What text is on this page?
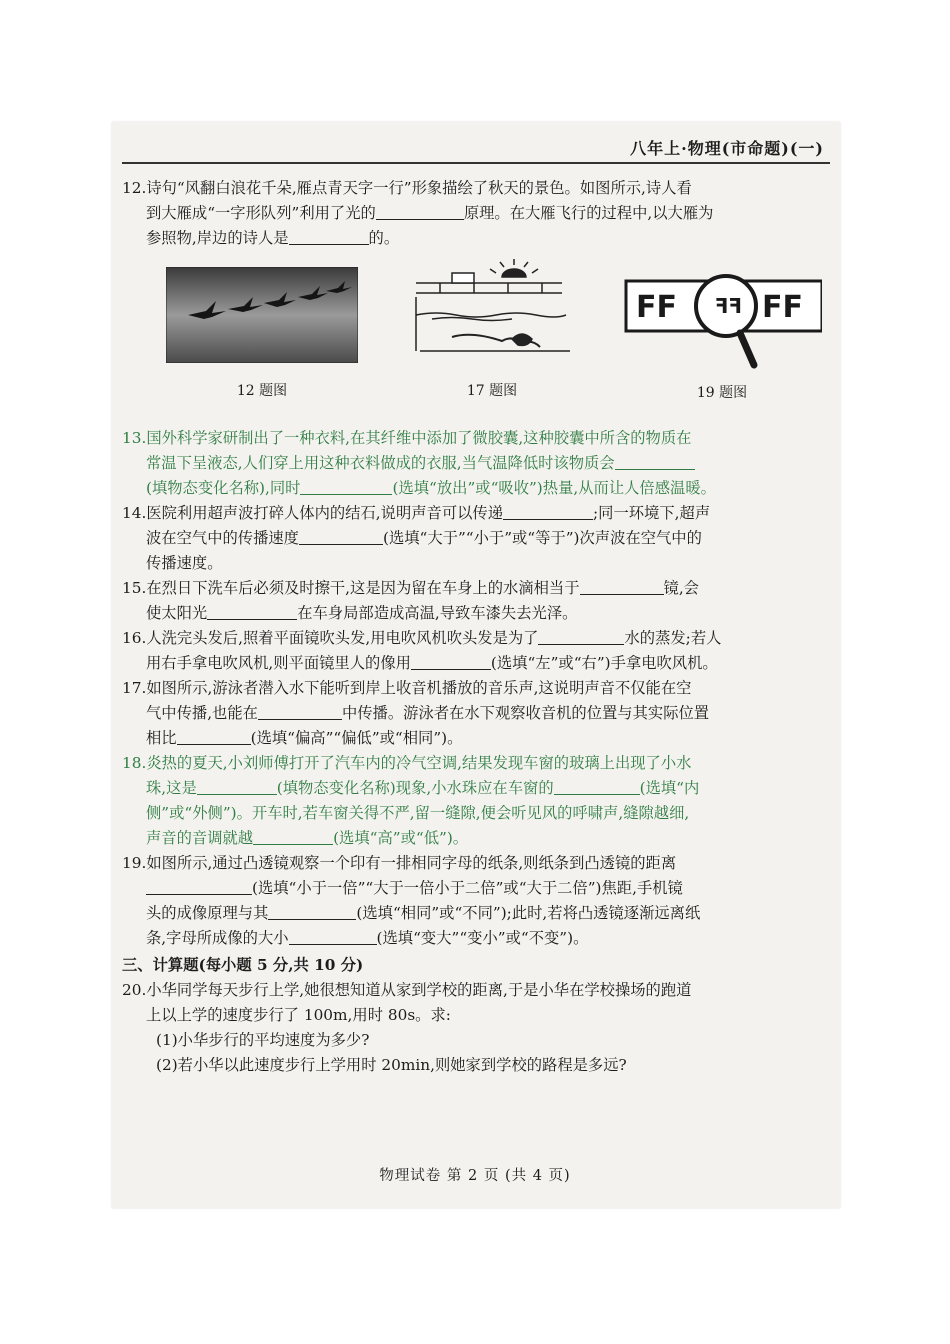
八年上·物理(市命题)(一)

12.诗句“风翻白浪花千朵,雁点青天字一行”形象描绘了秋天的景色。如图所示,诗人看

到大雁成“一字形队列”利用了光的	原理。在大雁飞行的过程中,以大雁为

参照物,岸边的诗人是	的。

12 题图	17 题图
FF	FF
FF
19 题图

13.国外科学家研制出了一种衣料,在其纤维中添加了微胶囊,这种胶囊中所含的物质在

常温下呈液态,人们穿上用这种衣料做成的衣服,当气温降低时该物质会

(填物态变化名称),同时	(选填“放出”或“吸收”)热量,从而让人倍感温暖。

14.医院利用超声波打碎人体内的结石,说明声音可以传递	;同一环境下,超声

波在空气中的传播速度	(选填“大于”“小于”或“等于”)次声波在空气中的

传播速度。

15.在烈日下洗车后必须及时擦干,这是因为留在车身上的水滴相当于	镜,会

使太阳光	在车身局部造成高温,导致车漆失去光泽。

16.人洗完头发后,照着平面镜吹头发,用电吹风机吹头发是为了	水的蒸发;若人

用右手拿电吹风机,则平面镜里人的像用	(选填“左”或“右”)手拿电吹风机。

17.如图所示,游泳者潜入水下能听到岸上收音机播放的音乐声,这说明声音不仅能在空

气中传播,也能在	中传播。游泳者在水下观察收音机的位置与其实际位置

相比	(选填“偏高”“偏低”或“相同”)。

18.炎热的夏天,小刘师傅打开了汽车内的冷气空调,结果发现车窗的玻璃上出现了小水

珠,这是	(填物态变化名称)现象,小水珠应在车窗的	(选填“内

侧”或“外侧”)。开车时,若车窗关得不严,留一缝隙,便会听见风的呼啸声,缝隙越细,

声音的音调就越	(选填“高”或“低”)。

19.如图所示,通过凸透镜观察一个印有一排相同字母的纸条,则纸条到凸透镜的距离

(选填“小于一倍”“大于一倍小于二倍”或“大于二倍”)焦距,手机镜

头的成像原理与其	(选填“相同”或“不同”);此时,若将凸透镜逐渐远离纸

条,字母所成像的大小	(选填“变大”“变小”或“不变”)。

三、计算题(每小题 5 分,共 10 分)

20.小华同学每天步行上学,她很想知道从家到学校的距离,于是小华在学校操场的跑道

上以上学的速度步行了 100m,用时 80s。求:

(1)小华步行的平均速度为多少?

(2)若小华以此速度步行上学用时 20min,则她家到学校的路程是多远?

物理试卷 第 2 页 (共 4 页)
